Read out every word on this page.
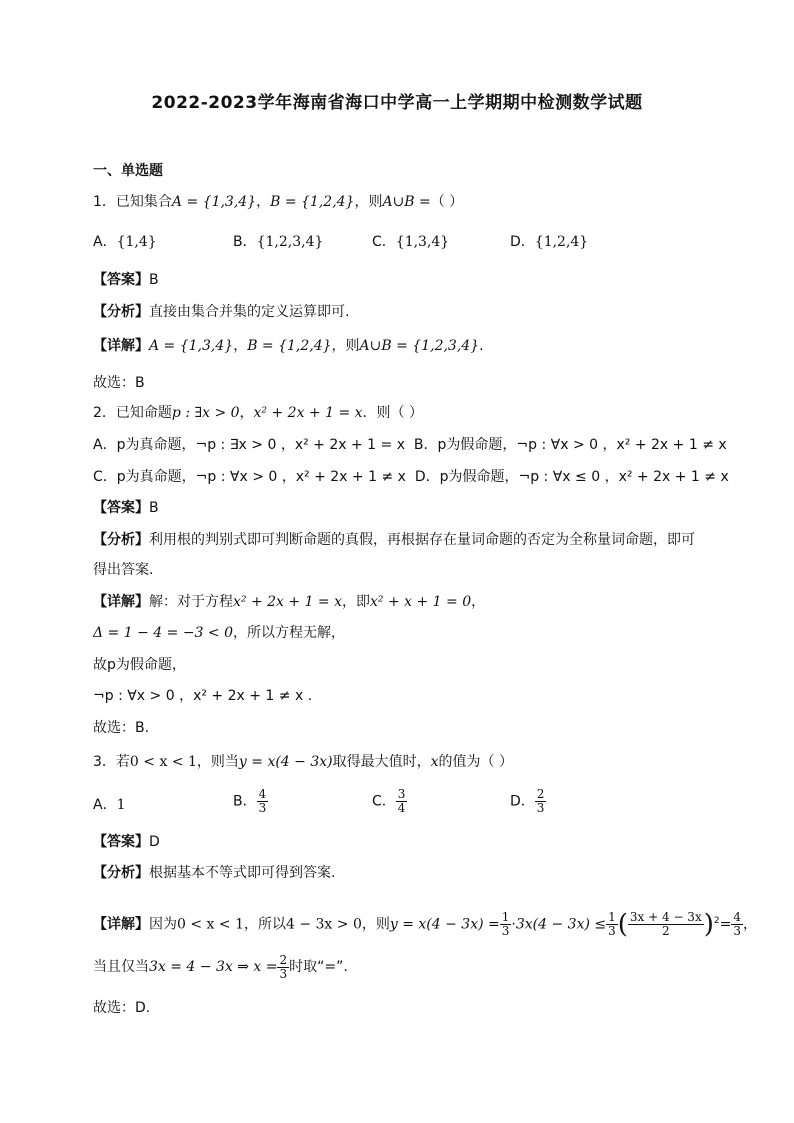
2022-2023学年海南省海口中学高一上学期期中检测数学试题
一、单选题
1．已知集合A = {1,3,4}，B = {1,2,4}，则A∪B =（ ）
A．{1,4}	B．{1,2,3,4}	C．{1,3,4}	D．{1,2,4}
【答案】B
【分析】直接由集合并集的定义运算即可.
【详解】A = {1,3,4}，B = {1,2,4}，则A∪B = {1,2,3,4}.
故选：B
2．已知命题p : ∃x > 0，x² + 2x + 1 = x．则（ ）
A．p为真命题，¬p : ∃x > 0 ，x² + 2x + 1 = x B．p为假命题，¬p : ∀x > 0 ，x² + 2x + 1 ≠ x
C．p为真命题，¬p : ∀x > 0 ，x² + 2x + 1 ≠ x D．p为假命题，¬p : ∀x ≤ 0 ，x² + 2x + 1 ≠ x
【答案】B
【分析】利用根的判别式即可判断命题的真假，再根据存在量词命题的否定为全称量词命题，即可
得出答案.
【详解】解：对于方程x² + 2x + 1 = x，即x² + x + 1 = 0，
Δ = 1 − 4 = −3 < 0，所以方程无解，
故p为假命题，
¬p : ∀x > 0 ，x² + 2x + 1 ≠ x .
故选：B.
3．若0 < x < 1，则当y = x(4 − 3x)取得最大值时，x的值为（ ）
A．1	B． $\frac{4}{3}$	C． $\frac{3}{4}$	D． $\frac{2}{3}$
【答案】D
【分析】根据基本不等式即可得到答案.
【详解】因为0 < x < 1，所以4 − 3x > 0，则$y = x(4 - 3x) = \frac{1}{3} \cdot 3x(4 - 3x) \le \frac{1}{3}$ ( $\frac{3x + 4 - 3x}{2} )^2= \frac{4}{3}$ ，
当且仅当3x = 4 − 3x ⇒ $x = \frac{2}{3}$ 时取“=”.
故选：D.
